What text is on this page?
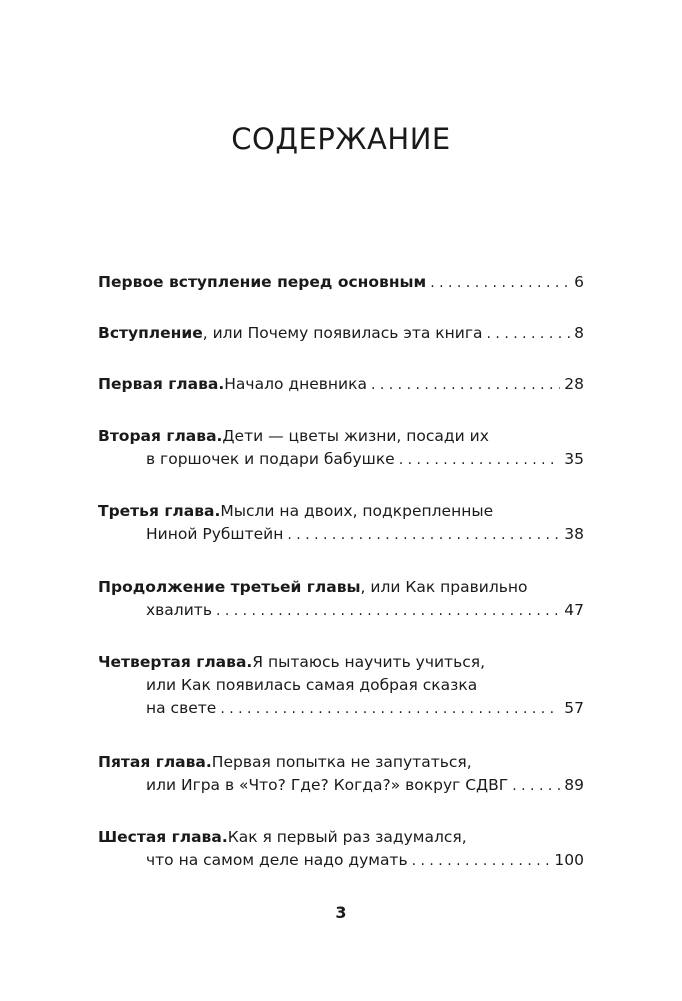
СОДЕРЖАНИЕ
Первое вступление перед основным . . .	6
Вступление , или Почему появилась эта книга . . .	8
Первая глава. Начало дневника . . .	28
Вторая глава. Дети — цветы жизни, посади их
в горшочек и подари бабушке . . .	35
Третья глава. Мысли на двоих, подкрепленные
Ниной Рубштейн . . .	38
Продолжение третьей главы , или Как правильно
хвалить . . .	47
Четвертая глава. Я пытаюсь научить учиться,
или Как появилась самая добрая сказка
на свете . . .	57
Пятая глава. Первая попытка не запутаться,
или Игра в «Что? Где? Когда?» вокруг СДВГ . . .	89
Шестая глава. Как я первый раз задумался,
что на самом деле надо думать . . .	100
3
